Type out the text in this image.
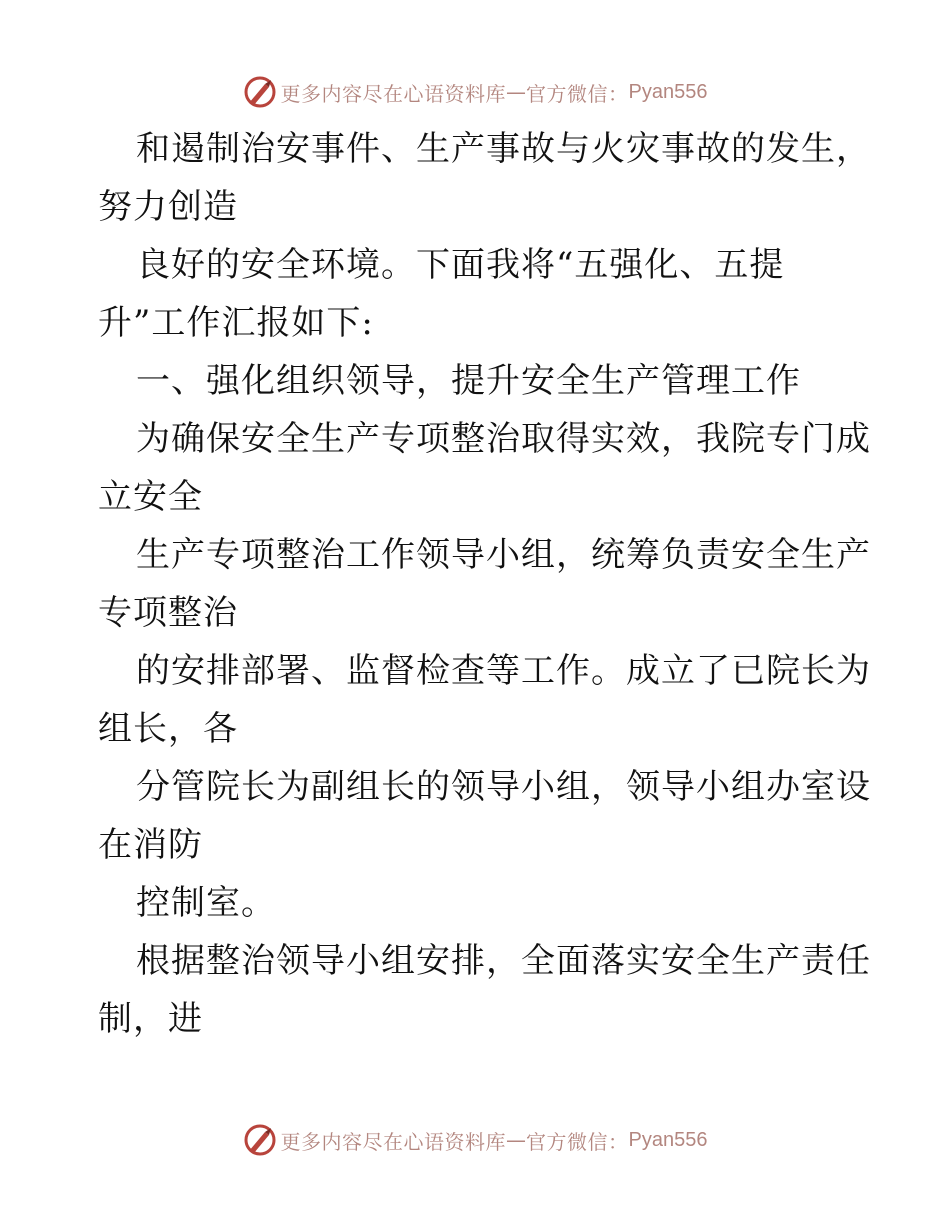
更多内容尽在心语资料库 — 官方微信： Pyan556
和遏制治安事件、生产事故与火灾事故的发生，
努力创造
良好的安全环境。下面我将“五强化、五提
升”工作汇报如下:
一、强化组织领导，提升安全生产管理工作
为确保安全生产专项整治取得实效，我院专门成
立安全
生产专项整治工作领导小组，统筹负责安全生产
专项整治
的安排部署、监督检查等工作。成立了已院长为
组长，各
分管院长为副组长的领导小组，领导小组办室设
在消防
控制室。
根据整治领导小组安排，全面落实安全生产责任
制，进
更多内容尽在心语资料库 — 官方微信： Pyan556
